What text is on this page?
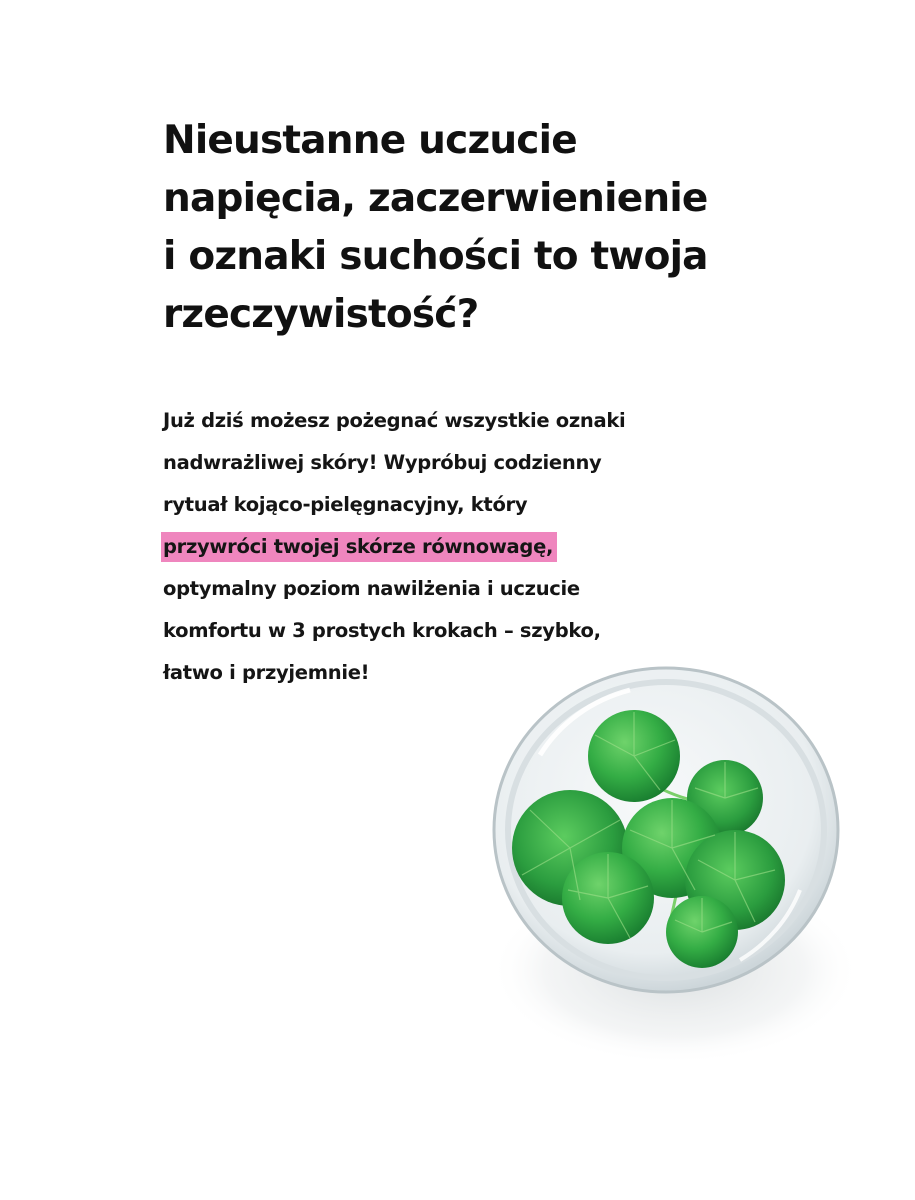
Nieustanne uczucie
napięcia, zaczerwienienie
i oznaki suchości to twoja
rzeczywistość?
Już dziś możesz pożegnać wszystkie oznaki
nadwrażliwej skóry! Wypróbuj codzienny
rytuał kojąco-pielęgnacyjny, który
przywróci twojej skórze równowagę,
optymalny poziom nawilżenia i uczucie
komfortu w 3 prostych krokach – szybko,
łatwo i przyjemnie!
